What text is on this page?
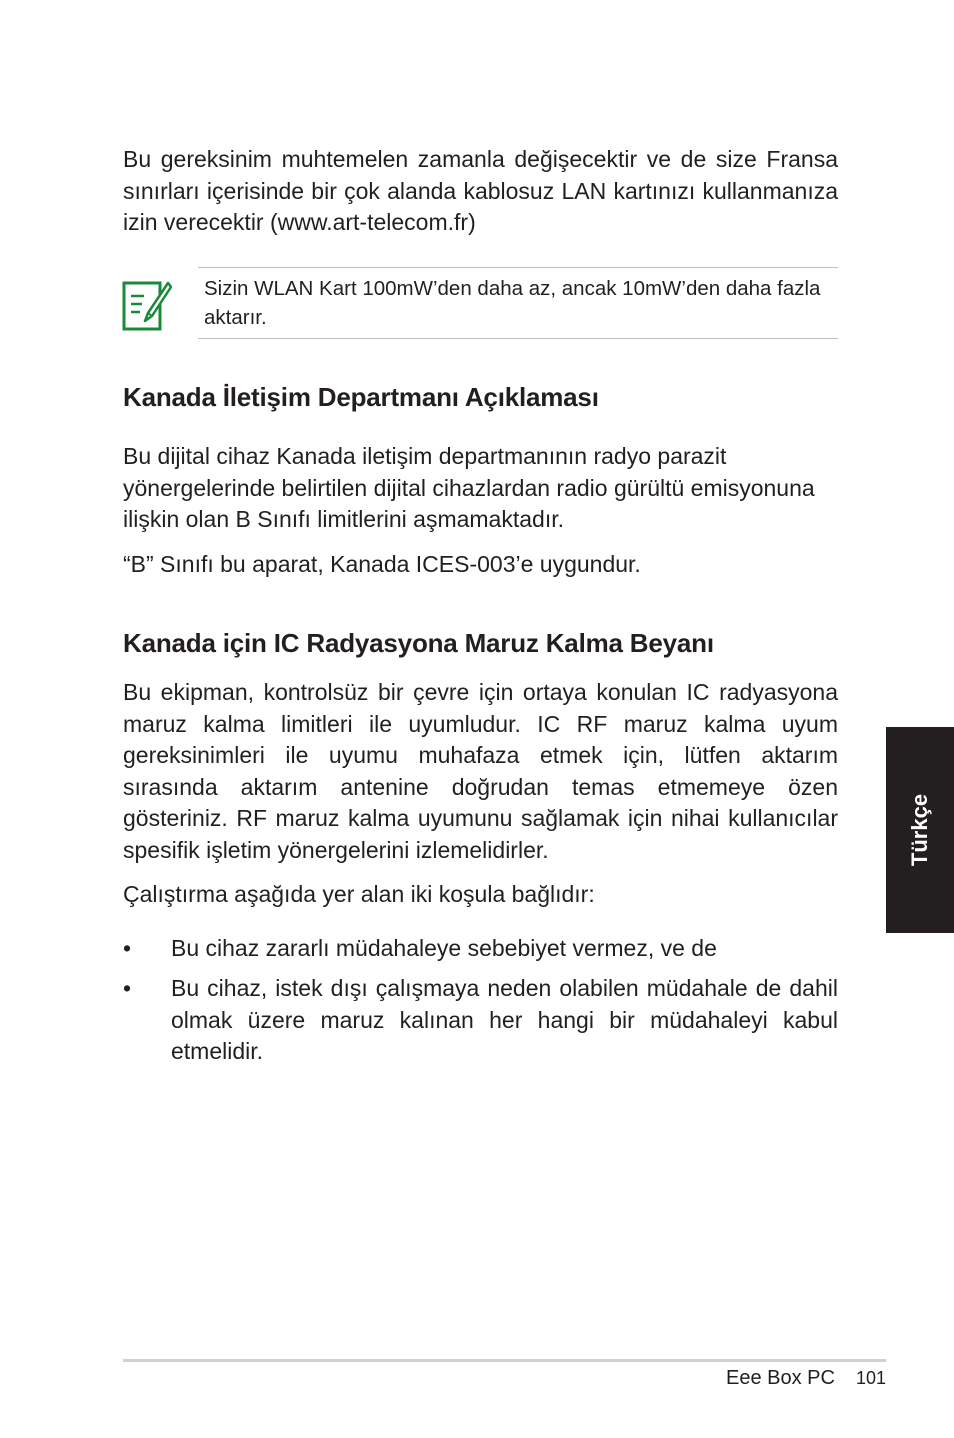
Bu gereksinim muhtemelen zamanla değişecektir ve de size Fransa sınırları içerisinde bir çok alanda kablosuz LAN kartınızı kullanmanıza izin verecektir (www.art-telecom.fr)

Sizin WLAN Kart 100mW’den daha az, ancak 10mW’den daha fazla aktarır.

Kanada İletişim Departmanı Açıklaması

Bu dijital cihaz Kanada iletişim departmanının radyo parazit yönergelerinde belirtilen dijital cihazlardan radio gürültü emisyonuna ilişkin olan B Sınıfı limitlerini aşmamaktadır.

“B” Sınıfı bu aparat, Kanada ICES-003’e uygundur.

Kanada için IC Radyasyona Maruz Kalma Beyanı

Bu ekipman, kontrolsüz bir çevre için ortaya konulan IC radyasyona maruz kalma limitleri ile uyumludur. IC RF maruz kalma uyum gereksinimleri ile uyumu muhafaza etmek için, lütfen aktarım sırasında aktarım antenine doğrudan temas etmemeye özen gösteriniz. RF maruz kalma uyumunu sağlamak için nihai kullanıcılar spesifik işletim yönergelerini izlemelidirler.

Çalıştırma aşağıda yer alan iki koşula bağlıdır:

•	Bu cihaz zararlı müdahaleye sebebiyet vermez, ve de

•	Bu cihaz, istek dışı çalışmaya neden olabilen müdahale de dahil olmak üzere maruz kalınan her hangi bir müdahaleyi kabul etmelidir.

Türkçe
Eee Box PC 101
